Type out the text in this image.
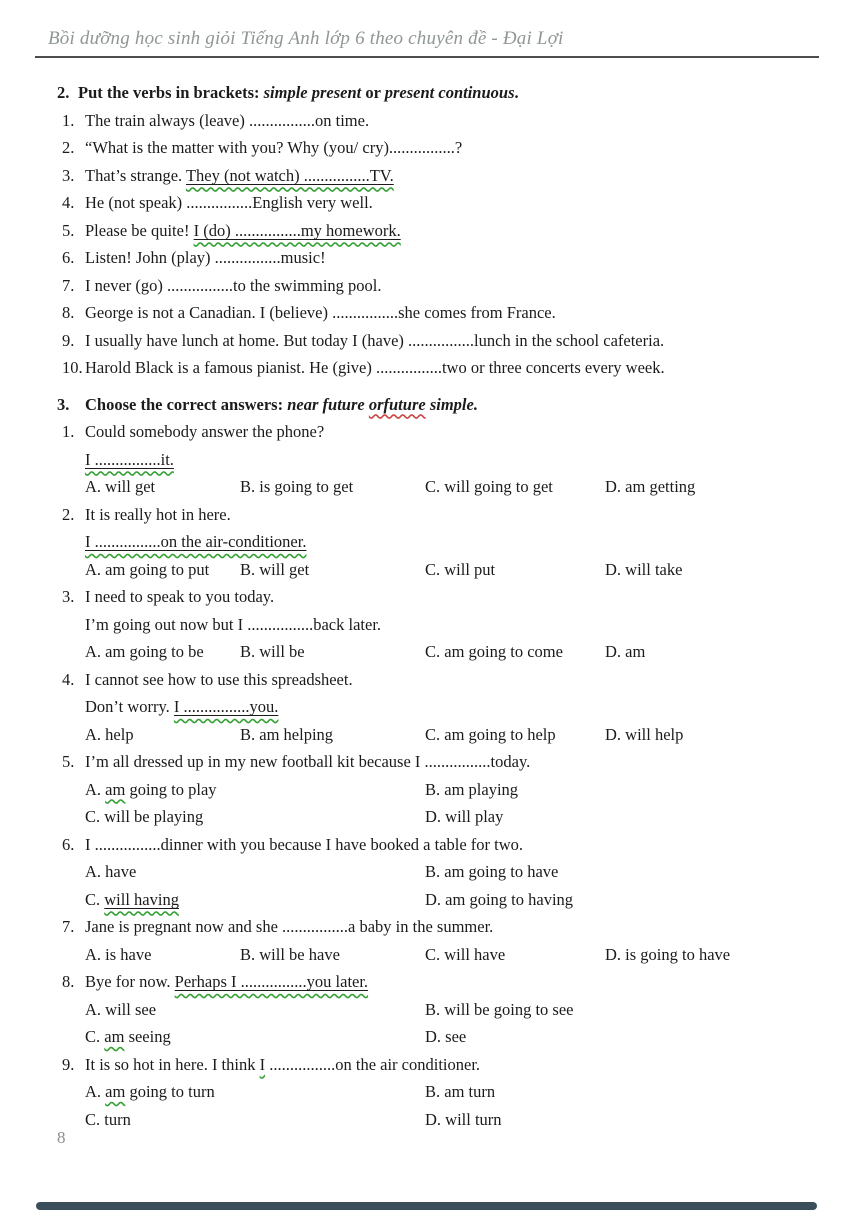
Bồi dưỡng học sinh giỏi Tiếng Anh lớp 6 theo chuyên đề - Đại Lợi
2. Put the verbs in brackets: simple present or present continuous.
1. The train always (leave) ................on time.
2. “What is the matter with you? Why (you/ cry)................?
3. That’s strange. They (not watch) ................TV.
4. He (not speak) ................English very well.
5. Please be quite! I (do) ................my homework.
6. Listen! John (play) ................music!
7. I never (go) ................to the swimming pool.
8. George is not a Canadian. I (believe) ................she comes from France.
9. I usually have lunch at home. But today I (have) ................lunch in the school cafeteria.
10. Harold Black is a famous pianist. He (give) ................two or three concerts every week.
3. Choose the correct answers: near future orfuture simple.
1. Could somebody answer the phone?
I ................it.
A. will get	B. is going to get	C. will going to get	D. am getting
2. It is really hot in here.
I ................on the air-conditioner.
A. am going to put B. will get	C. will put	D. will take
3. I need to speak to you today.
I’m going out now but I ................back later.
A. am going to be B. will be	C. am going to come	D. am
4. I cannot see how to use this spreadsheet.
Don’t worry. I ................you.
A. help	B. am helping	C. am going to help	D. will help
5. I’m all dressed up in my new football kit because I ................today.
A. am going to play	B. am playing
C. will be playing	D. will play
6. I ................dinner with you because I have booked a table for two.
A. have	B. am going to have
C. will having	D. am going to having
7. Jane is pregnant now and she ................a baby in the summer.
A. is have	B. will be have	C. will have	D. is going to have
8. Bye for now. Perhaps I ................you later.
A. will see	B. will be going to see
C. am seeing	D. see
9. It is so hot in here. I think I ................on the air conditioner.
A. am going to turn	B. am turn
C. turn	D. will turn
8
